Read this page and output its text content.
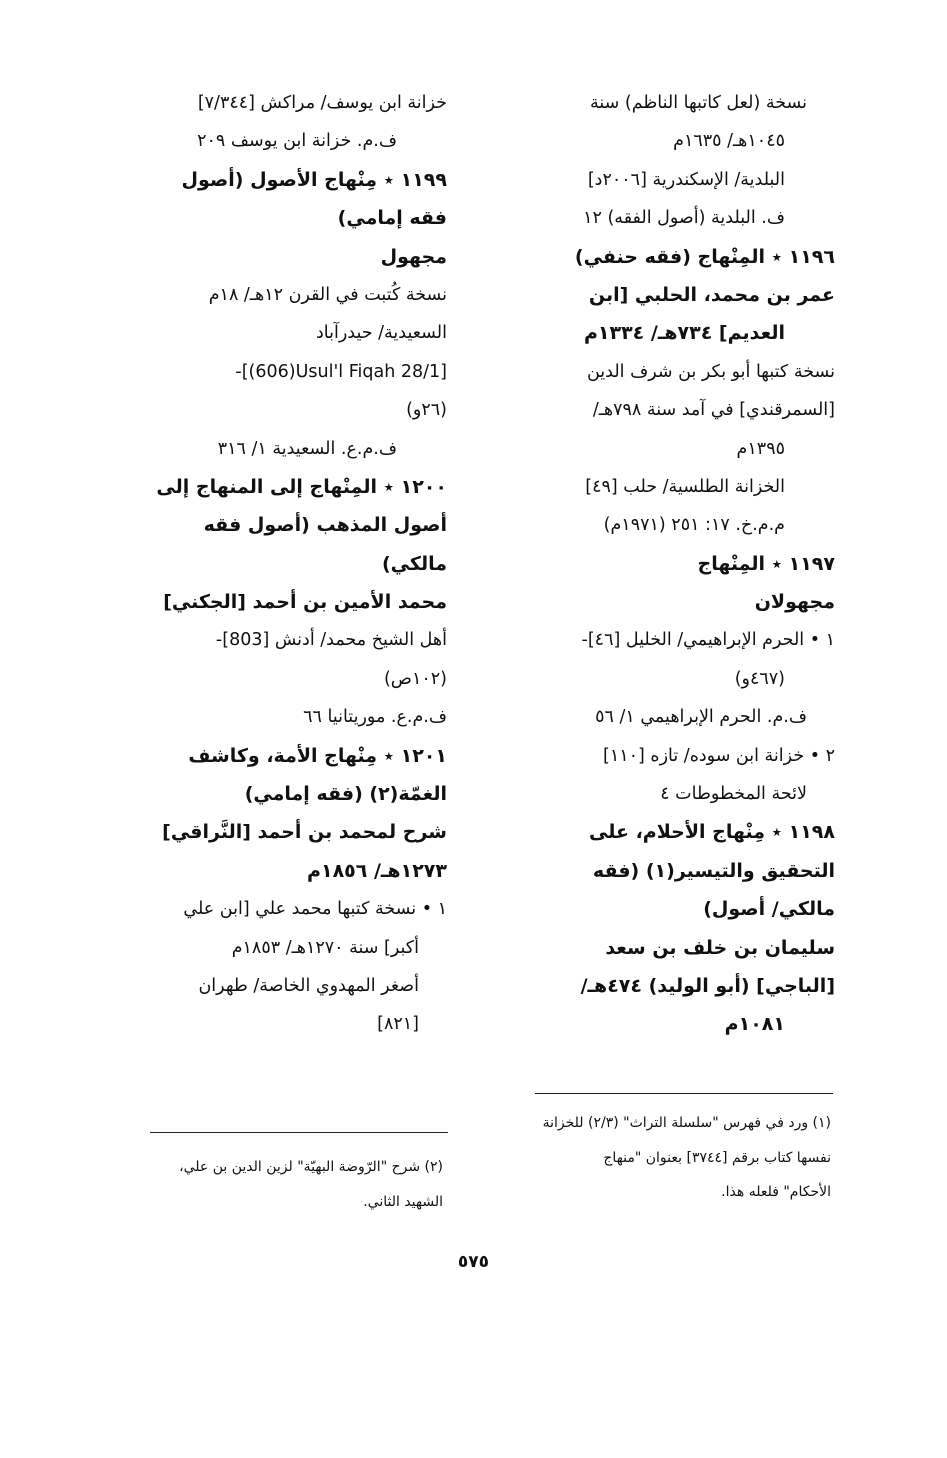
نسخة (لعل كاتبها الناظم) سنة
١٠٤٥هـ/ ١٦٣٥م
البلدية/ الإسكندرية [٢٠٠٦د]
ف. البلدية (أصول الفقه) ١٢
١١٩٦ ٭ المِنْهاج (فقه حنفي)
عمر بن محمد، الحلبي [ابن
العديم] ٧٣٤هـ/ ١٣٣٤م
نسخة كتبها أبو بكر بن شرف الدين
[السمرقندي] في آمد سنة ٧٩٨هـ/
١٣٩٥م
الخزانة الطلسية/ حلب [٤٩]
م.م.خ. ١٧: ٢٥١ (١٩٧١م)
١١٩٧ ٭ المِنْهاج
مجهولان
١ • الحرم الإبراهيمي/ الخليل [٤٦]-
(٤٦٧و)
ف.م. الحرم الإبراهيمي ١/ ٥٦
٢ • خزانة ابن سوده/ تازه [١١٠]
لائحة المخطوطات ٤
١١٩٨ ٭ مِنْهاج الأحلام، على
التحقيق والتيسير(١) (فقه
مالكي/ أصول)
سليمان بن خلف بن سعد
[الباجي] (أبو الوليد) ٤٧٤هـ/
١٠٨١م
خزانة ابن يوسف/ مراكش [٧/٣٤٤]
ف.م. خزانة ابن يوسف ٢٠٩
١١٩٩ ٭ مِنْهاج الأصول (أصول
فقه إمامي)
مجهول
نسخة كُتبت في القرن ١٢هـ/ ١٨م
السعيدية/ حيدرآباد
-[(606)Usul'l Fiqah 28/1]
(٢٦و)
ف.م.ع. السعيدية ١/ ٣١٦
١٢٠٠ ٭ المِنْهاج إلى المنهاج إلى
أصول المذهب (أصول فقه
مالكي)
محمد الأمين بن أحمد [الجكني]
أهل الشيخ محمد/ أدنش [803]-
(١٠٢ص)
ف.م.ع. موريتانيا ٦٦
١٢٠١ ٭ مِنْهاج الأمة، وكاشف
الغمّة(٢) (فقه إمامي)
شرح لمحمد بن أحمد [النَّراقي]
١٢٧٣هـ/ ١٨٥٦م
١ • نسخة كتبها محمد علي [ابن علي
أكبر] سنة ١٢٧٠هـ/ ١٨٥٣م
أصغر المهدوي الخاصة/ طهران
[٨٢١]
(١) ورد في فهرس "سلسلة التراث" (٢/٣) للخزانة
نفسها كتاب برقم [٣٧٤٤] بعنوان "منهاج
الأحكام" فلعله هذا.
(٢) شرح "الرّوضة البهيّة" لزين الدين بن علي،
الشهيد الثاني.
٥٧٥
